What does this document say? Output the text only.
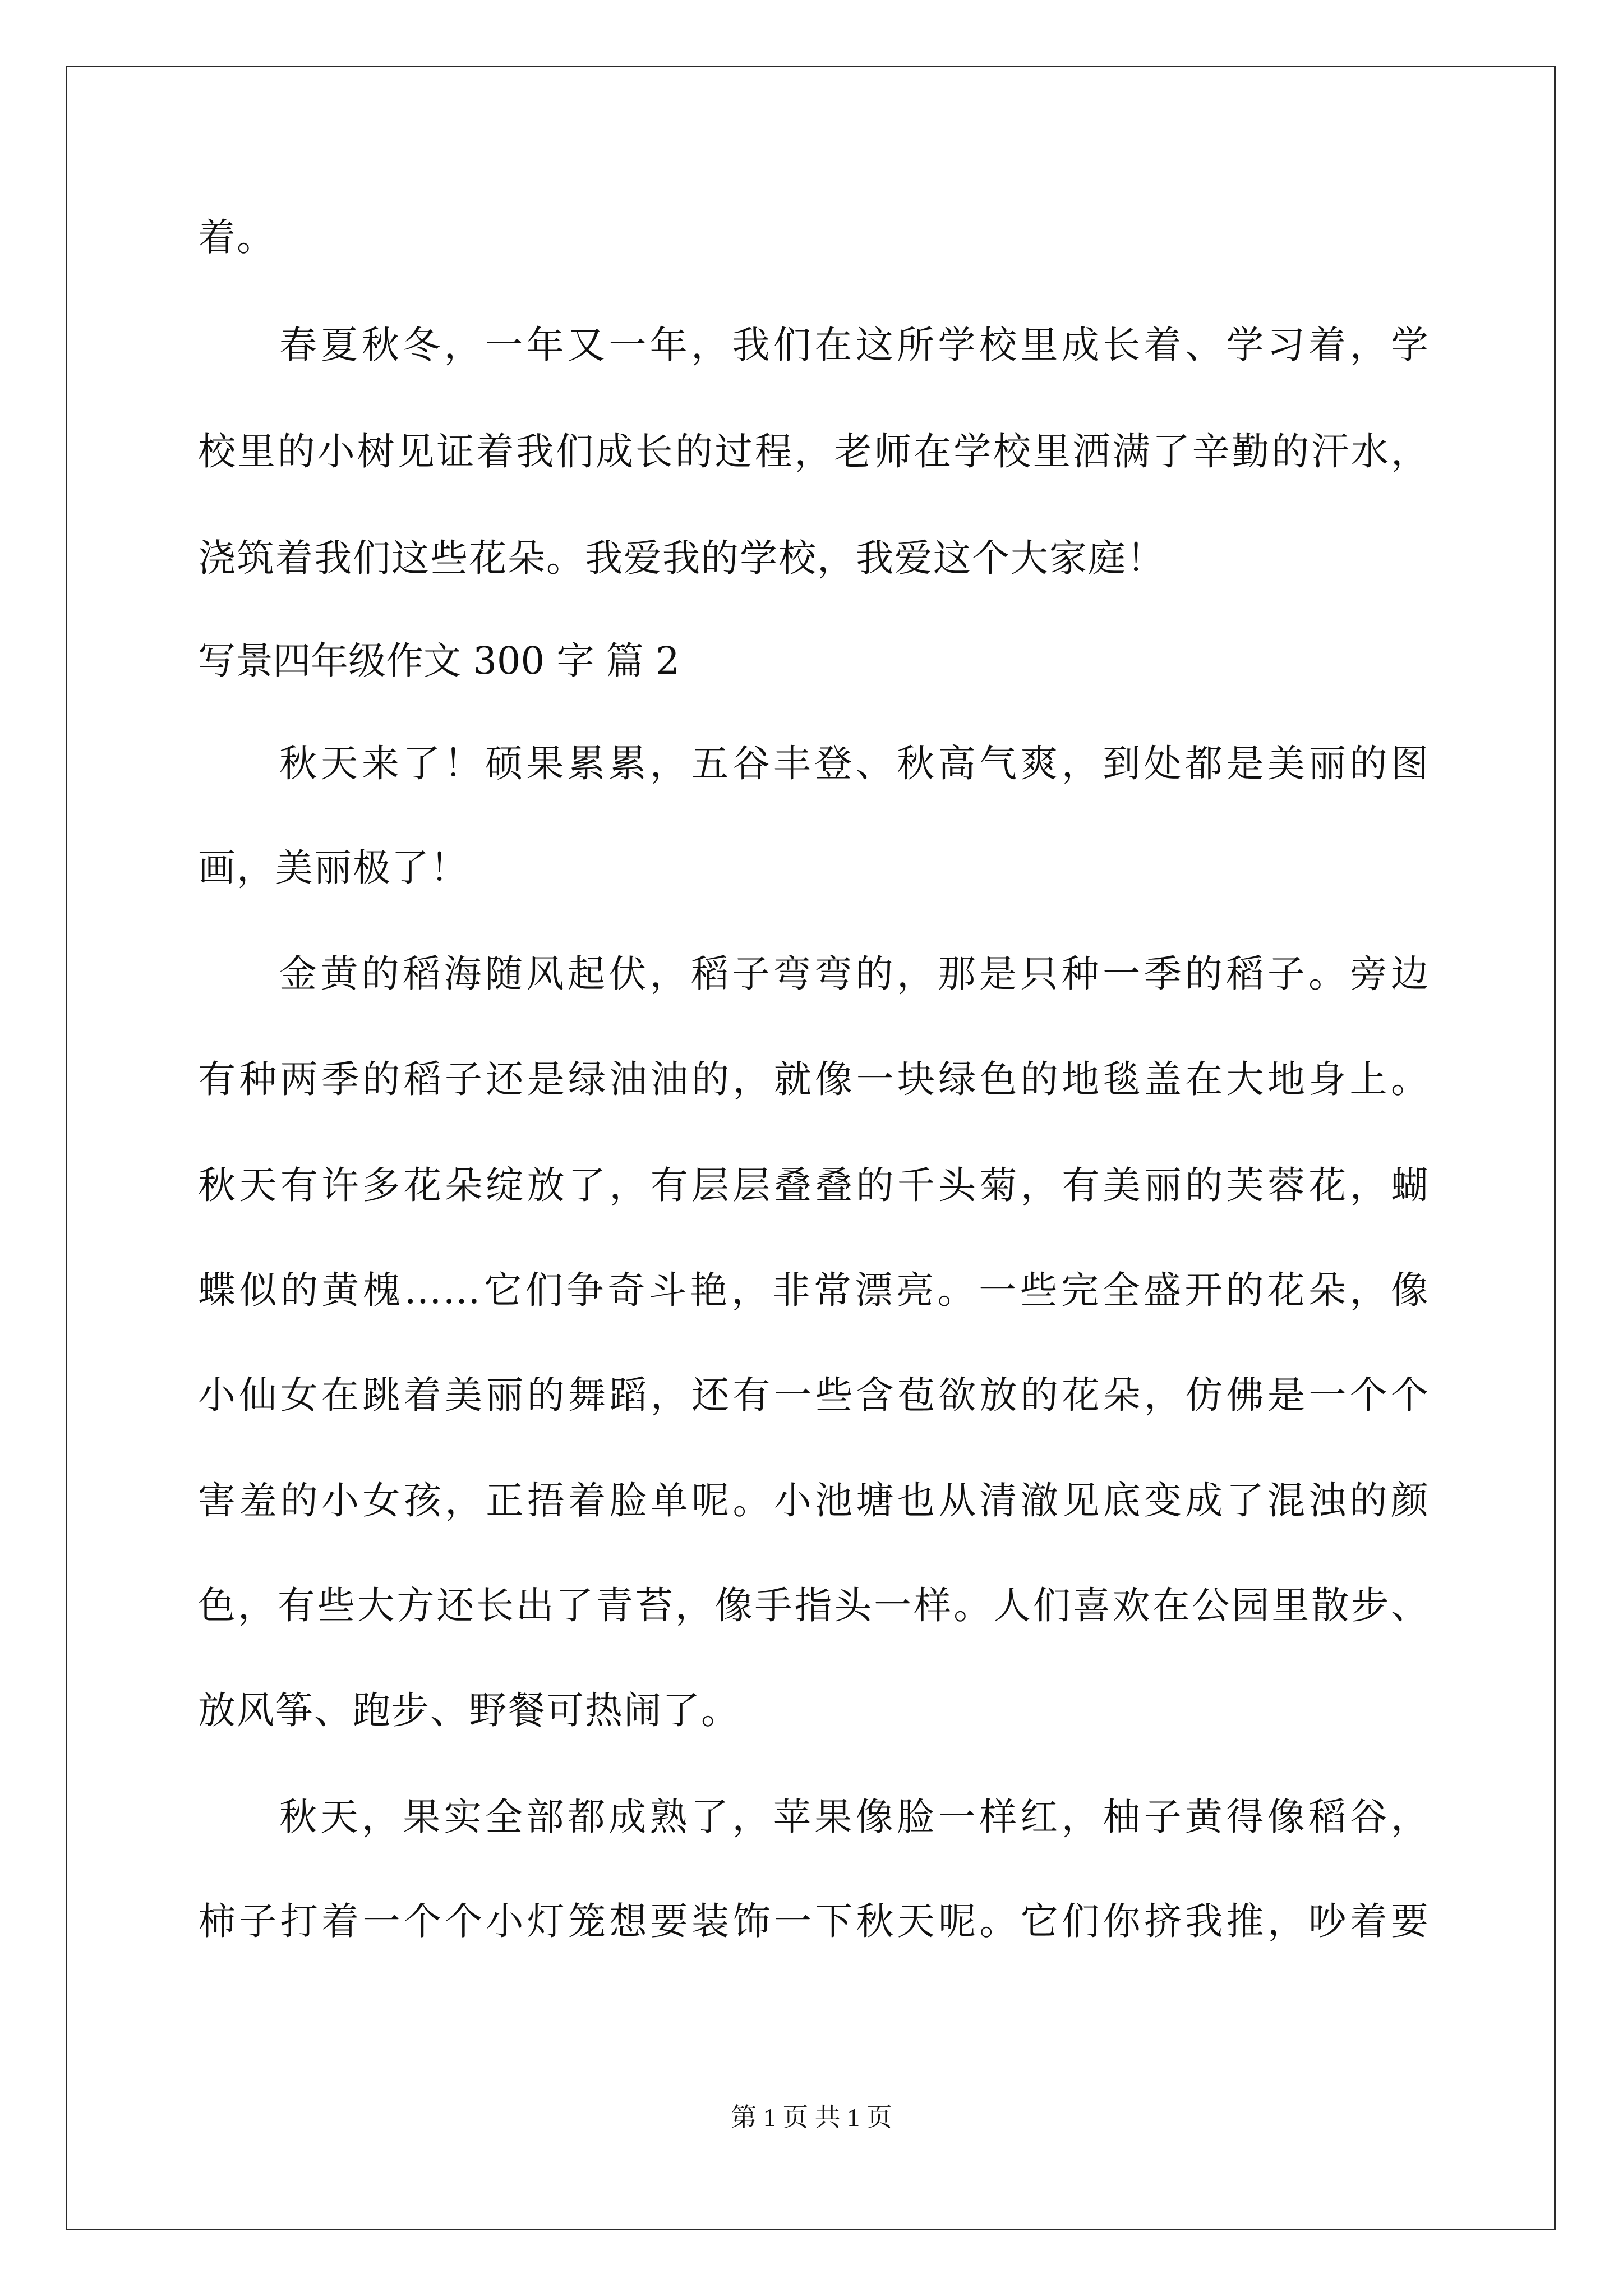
着。
春夏秋冬，一年又一年，我们在这所学校里成长着、学习着，学
校里的小树见证着我们成长的过程，老师在学校里洒满了辛勤的汗水，
浇筑着我们这些花朵。我爱我的学校，我爱这个大家庭！
写景四年级作文 300 字 篇 2
秋天来了！硕果累累，五谷丰登、秋高气爽，到处都是美丽的图
画，美丽极了！
金黄的稻海随风起伏，稻子弯弯的，那是只种一季的稻子。旁边
有种两季的稻子还是绿油油的，就像一块绿色的地毯盖在大地身上。
秋天有许多花朵绽放了，有层层叠叠的千头菊，有美丽的芙蓉花，蝴
蝶似的黄槐……它们争奇斗艳，非常漂亮。一些完全盛开的花朵，像
小仙女在跳着美丽的舞蹈，还有一些含苞欲放的花朵，仿佛是一个个
害羞的小女孩，正捂着脸单呢。小池塘也从清澈见底变成了混浊的颜
色，有些大方还长出了青苔，像手指头一样。人们喜欢在公园里散步、
放风筝、跑步、野餐可热闹了。
秋天，果实全部都成熟了，苹果像脸一样红，柚子黄得像稻谷，
柿子打着一个个小灯笼想要装饰一下秋天呢。它们你挤我推，吵着要
第 1 页 共 1 页
